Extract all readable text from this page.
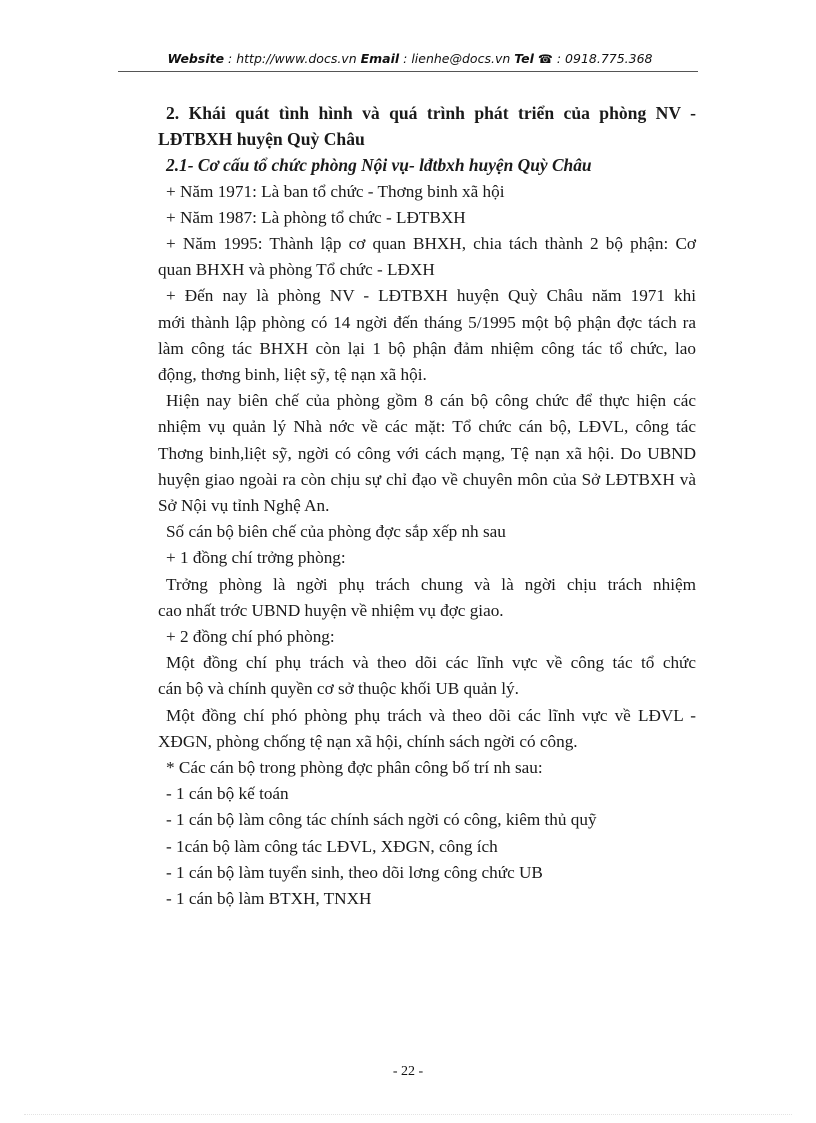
Website : http://www.docs.vn Email : lienhe@docs.vn Tel ☎ : 0918.775.368

2. Khái quát tình hình và quá trình phát triển của phòng NV -

LĐTBXH huyện Quỳ Châu

2.1- Cơ cấu tổ chức phòng Nội vụ- lđtbxh huyện Quỳ Châu

+ Năm 1971: Là ban tổ chức - Thơng binh xã hội

+ Năm 1987: Là phòng tổ chức - LĐTBXH

+ Năm 1995: Thành lập cơ quan BHXH, chia tách thành 2 bộ phận: Cơ

quan BHXH và phòng Tổ chức - LĐXH

+ Đến nay là phòng NV - LĐTBXH huyện Quỳ Châu năm 1971 khi

mới thành lập phòng có 14 ngời đến tháng 5/1995 một bộ phận đợc tách ra

làm công tác BHXH còn lại 1 bộ phận đảm nhiệm công tác tổ chức, lao

động, thơng binh, liệt sỹ, tệ nạn xã hội.

Hiện nay biên chế của phòng gồm 8 cán bộ công chức để thực hiện các

nhiệm vụ quản lý Nhà nớc về các mặt: Tổ chức cán bộ, LĐVL, công tác

Thơng binh,liệt sỹ, ngời có công với cách mạng, Tệ nạn xã hội. Do UBND

huyện giao ngoài ra còn chịu sự chỉ đạo về chuyên môn của Sở LĐTBXH và

Sở Nội vụ tỉnh Nghệ An.

Số cán bộ biên chế của phòng đợc sắp xếp nh sau

+ 1 đồng chí trởng phòng:

Trởng phòng là ngời phụ trách chung và là ngời chịu trách nhiệm

cao nhất trớc UBND huyện về nhiệm vụ đợc giao.

+ 2 đồng chí phó phòng:

Một đồng chí phụ trách và theo dõi các lĩnh vực về công tác tổ chức

cán bộ và chính quyền cơ sở thuộc khối UB quản lý.

Một đồng chí phó phòng phụ trách và theo dõi các lĩnh vực về LĐVL -

XĐGN, phòng chống tệ nạn xã hội, chính sách ngời có công.

* Các cán bộ trong phòng đợc phân công bố trí nh sau:

- 1 cán bộ kế toán

- 1 cán bộ làm công tác chính sách ngời có công, kiêm thủ quỹ

- 1cán bộ làm công tác LĐVL, XĐGN, công ích

- 1 cán bộ làm tuyển sinh, theo dõi lơng công chức UB

- 1 cán bộ làm BTXH, TNXH

- 22 -
